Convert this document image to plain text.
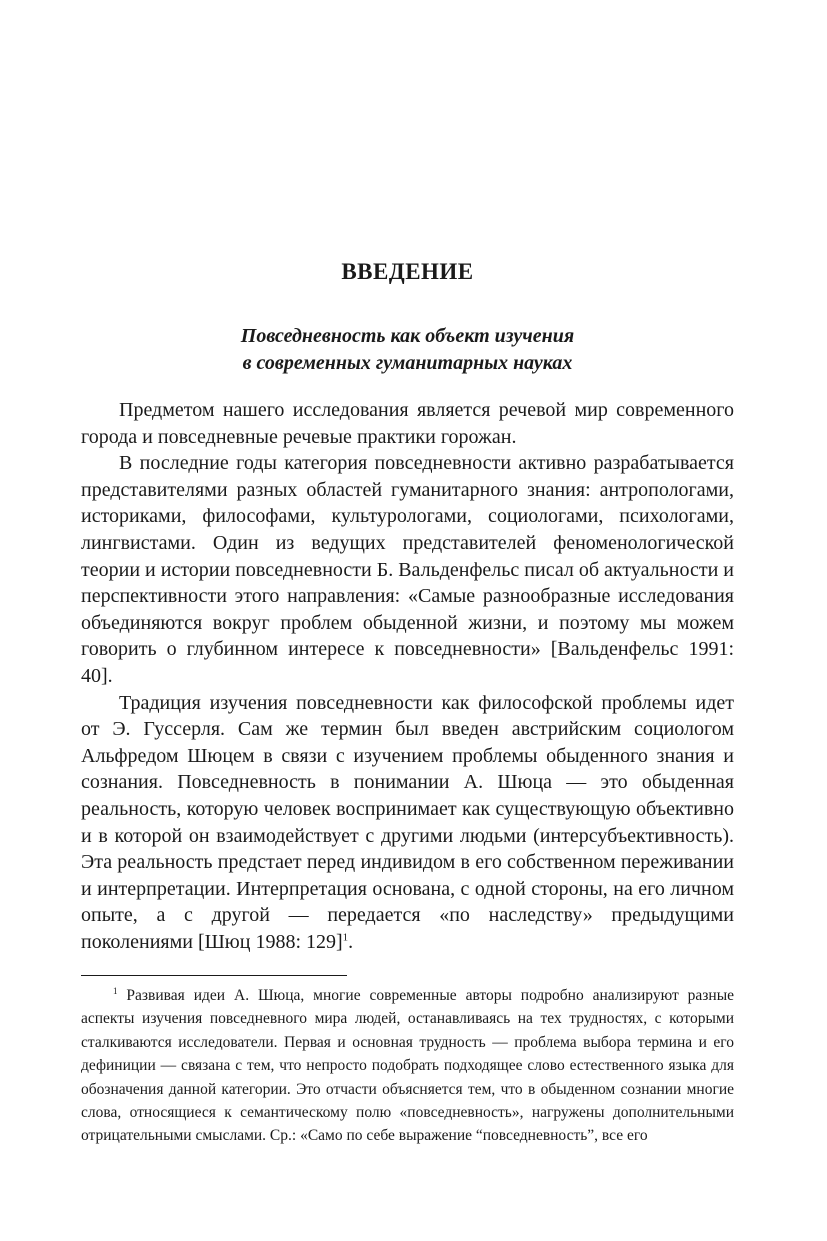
ВВЕДЕНИЕ
Повседневность как объект изучения
в современных гуманитарных науках

Предметом нашего исследования является речевой мир современного города и повседневные речевые практики горожан.

В последние годы категория повседневности активно разрабатывается представителями разных областей гуманитарного знания: антропологами, историками, философами, культурологами, социологами, психологами, лингвистами. Один из ведущих представителей феноменологической теории и истории повседневности Б. Вальденфельс писал об актуальности и перспективности этого направления: «Самые разнообразные исследования объединяются вокруг проблем обыденной жизни, и поэтому мы можем говорить о глубинном интересе к повседневности» [Вальденфельс 1991: 40].

Традиция изучения повседневности как философской проблемы идет от Э. Гуссерля. Сам же термин был введен австрийским социологом Альфредом Шюцем в связи с изучением проблемы обыденного знания и сознания. Повседневность в понимании А. Шюца — это обыденная реальность, которую человек воспринимает как существующую объективно и в которой он взаимодействует с другими людьми (интерсубъективность). Эта реальность предстает перед индивидом в его собственном переживании и интерпретации. Интерпретация основана, с одной стороны, на его личном опыте, а с другой — передается «по наследству» предыдущими поколениями [Шюц 1988: 129]$^1$.

$^1$ Развивая идеи А. Шюца, многие современные авторы подробно анализируют разные аспекты изучения повседневного мира людей, останавливаясь на тех трудностях, с которыми сталкиваются исследователи. Первая и основная трудность — проблема выбора термина и его дефиниции — связана с тем, что непросто подобрать подходящее слово естественного языка для обозначения данной категории. Это отчасти объясняется тем, что в обыденном сознании многие слова, относящиеся к семантическому полю «повседневность», нагружены дополнительными отрицательными смыслами. Ср.: «Само по себе выражение “повседневность”, все его
